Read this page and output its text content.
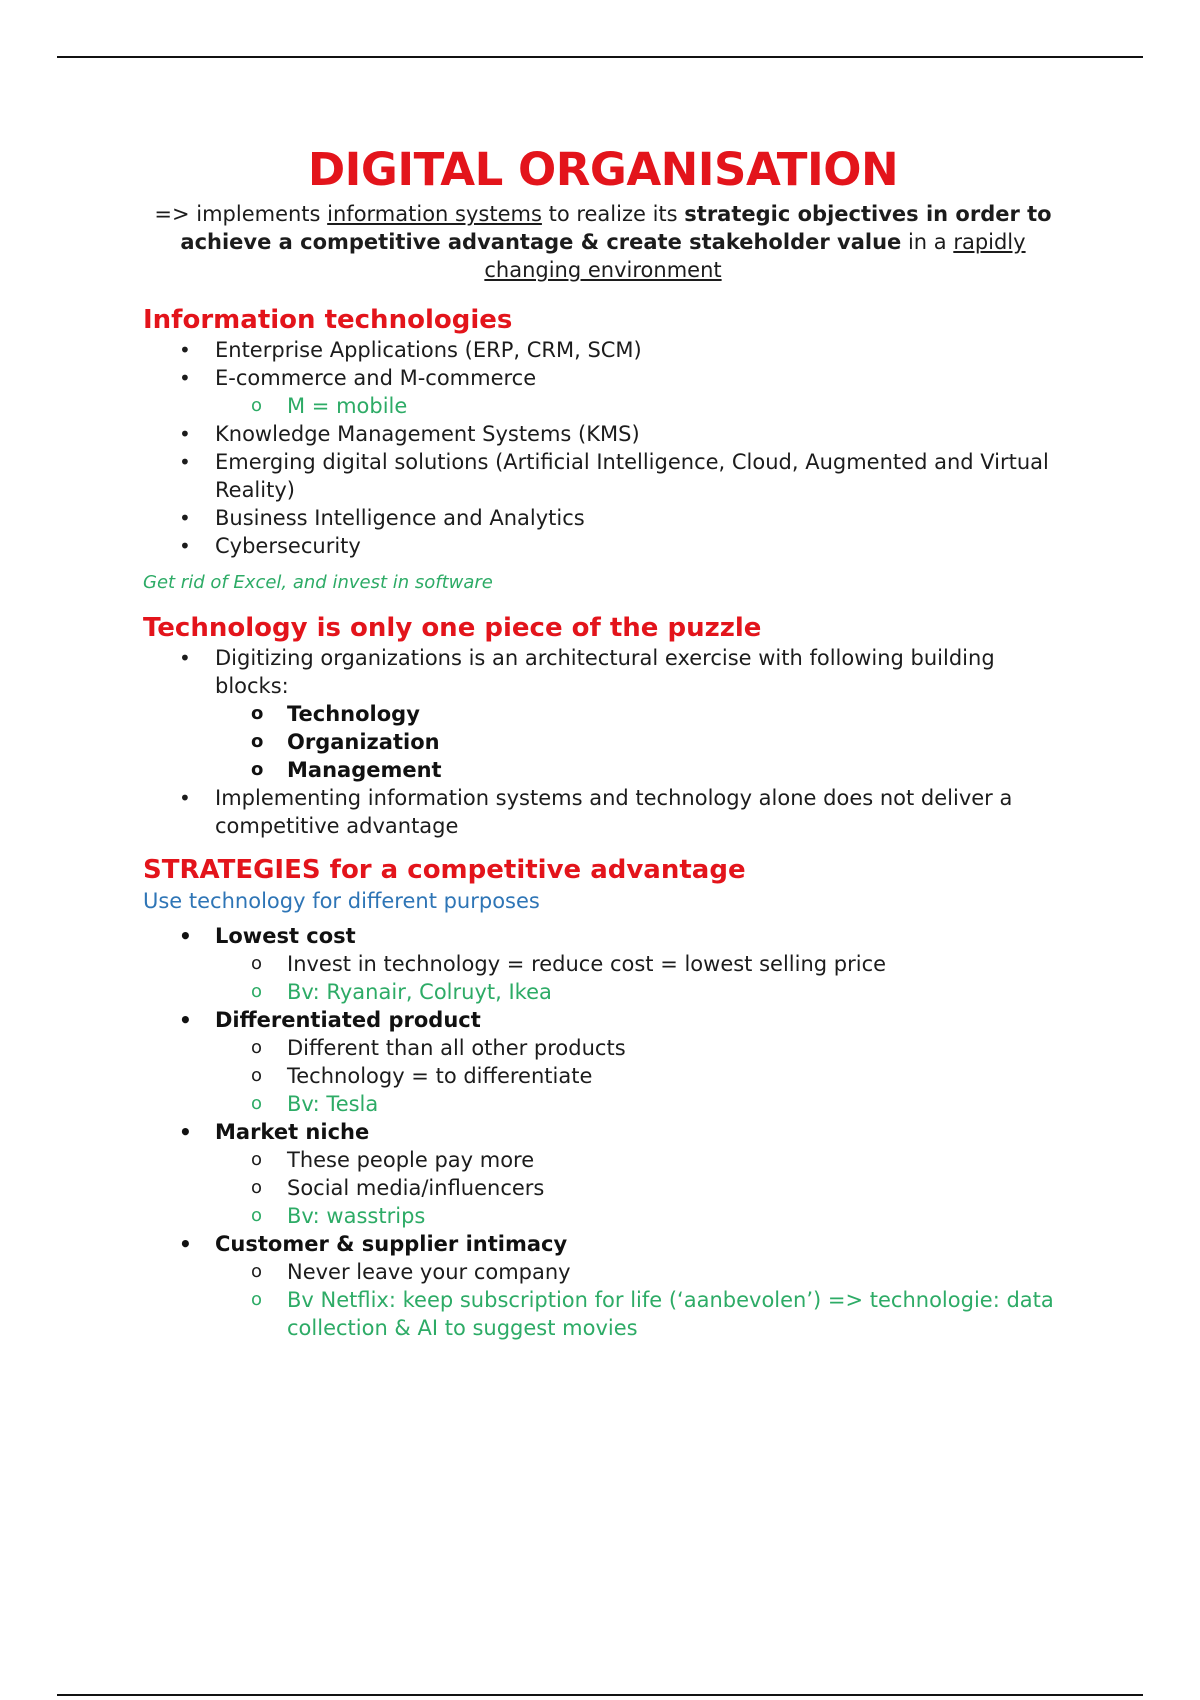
DIGITAL ORGANISATION

=> implements information systems to realize its strategic objectives in order to achieve a competitive advantage & create stakeholder value in a rapidly changing environment

Information technologies
• Enterprise Applications (ERP, CRM, SCM)
• E-commerce and M-commerce
o M = mobile
• Knowledge Management Systems (KMS)
• Emerging digital solutions (Artificial Intelligence, Cloud, Augmented and Virtual Reality)
• Business Intelligence and Analytics
• Cybersecurity

Get rid of Excel, and invest in software

Technology is only one piece of the puzzle
• Digitizing organizations is an architectural exercise with following building blocks:
o Technology
o Organization
o Management
• Implementing information systems and technology alone does not deliver a competitive advantage
STRATEGIES for a competitive advantage

Use technology for different purposes

• Lowest cost
o Invest in technology = reduce cost = lowest selling price
o Bv: Ryanair, Colruyt, Ikea
• Differentiated product
o Different than all other products
o Technology = to differentiate
o Bv: Tesla
• Market niche
o These people pay more
o Social media/influencers
o Bv: wasstrips
• Customer & supplier intimacy
o Never leave your company
o Bv Netflix: keep subscription for life (‘aanbevolen’) => technologie: data collection & AI to suggest movies
